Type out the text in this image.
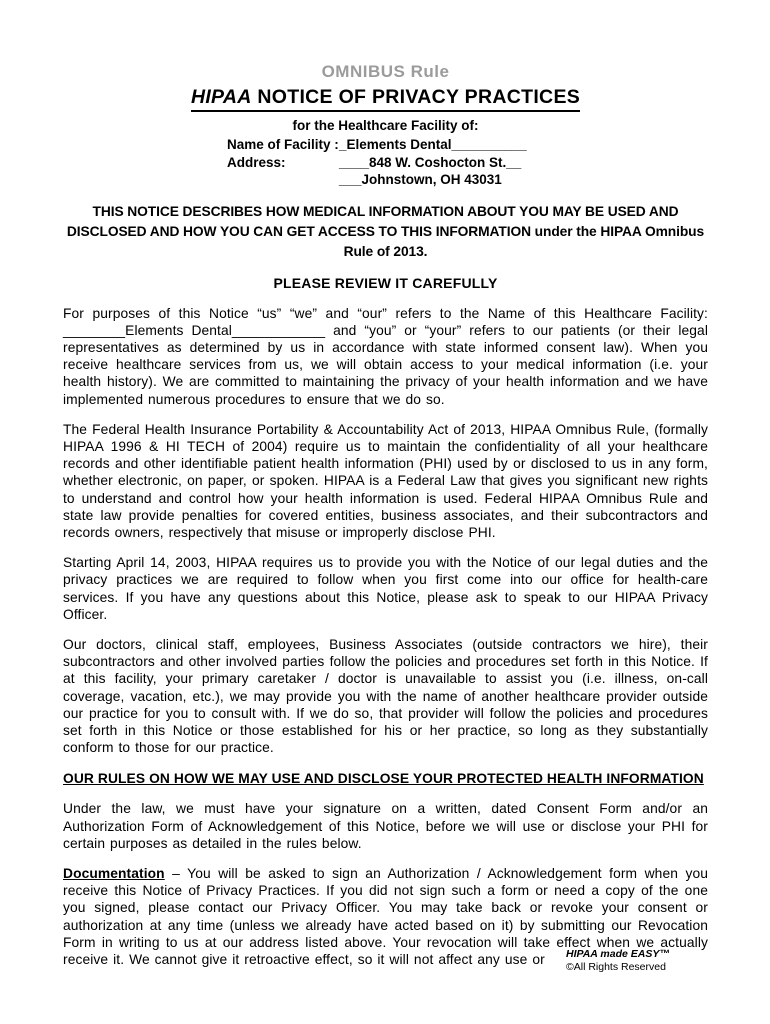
OMNIBUS Rule
HIPAA NOTICE OF PRIVACY PRACTICES
for the Healthcare Facility of:
Name of Facility : _Elements Dental__________
Address:	____848 W. Coshocton St.__
___Johnstown, OH 43031
THIS NOTICE DESCRIBES HOW MEDICAL INFORMATION ABOUT YOU MAY BE USED AND DISCLOSED AND HOW YOU CAN GET ACCESS TO THIS INFORMATION under the HIPAA Omnibus Rule of 2013.
PLEASE REVIEW IT CAREFULLY
For purposes of this Notice “us” “we” and “our” refers to the Name of this Healthcare Facility: ________Elements Dental____________ and “you” or “your” refers to our patients (or their legal representatives as determined by us in accordance with state informed consent law). When you receive healthcare services from us, we will obtain access to your medical information (i.e. your health history). We are committed to maintaining the privacy of your health information and we have implemented numerous procedures to ensure that we do so.
The Federal Health Insurance Portability & Accountability Act of 2013, HIPAA Omnibus Rule, (formally HIPAA 1996 & HI TECH of 2004) require us to maintain the confidentiality of all your healthcare records and other identifiable patient health information (PHI) used by or disclosed to us in any form, whether electronic, on paper, or spoken. HIPAA is a Federal Law that gives you significant new rights to understand and control how your health information is used. Federal HIPAA Omnibus Rule and state law provide penalties for covered entities, business associates, and their subcontractors and records owners, respectively that misuse or improperly disclose PHI.
Starting April 14, 2003, HIPAA requires us to provide you with the Notice of our legal duties and the privacy practices we are required to follow when you first come into our office for health-care services. If you have any questions about this Notice, please ask to speak to our HIPAA Privacy Officer.
Our doctors, clinical staff, employees, Business Associates (outside contractors we hire), their subcontractors and other involved parties follow the policies and procedures set forth in this Notice. If at this facility, your primary caretaker / doctor is unavailable to assist you (i.e. illness, on-call coverage, vacation, etc.), we may provide you with the name of another healthcare provider outside our practice for you to consult with. If we do so, that provider will follow the policies and procedures set forth in this Notice or those established for his or her practice, so long as they substantially conform to those for our practice.
OUR RULES ON HOW WE MAY USE AND DISCLOSE YOUR PROTECTED HEALTH INFORMATION
Under the law, we must have your signature on a written, dated Consent Form and/or an Authorization Form of Acknowledgement of this Notice, before we will use or disclose your PHI for certain purposes as detailed in the rules below.
Documentation – You will be asked to sign an Authorization / Acknowledgement form when you receive this Notice of Privacy Practices. If you did not sign such a form or need a copy of the one you signed, please contact our Privacy Officer. You may take back or revoke your consent or authorization at any time (unless we already have acted based on it) by submitting our Revocation Form in writing to us at our address listed above. Your revocation will take effect when we actually receive it. We cannot give it retroactive effect, so it will not affect any use or	HIPAA made EASY™
©All Rights Reserved
